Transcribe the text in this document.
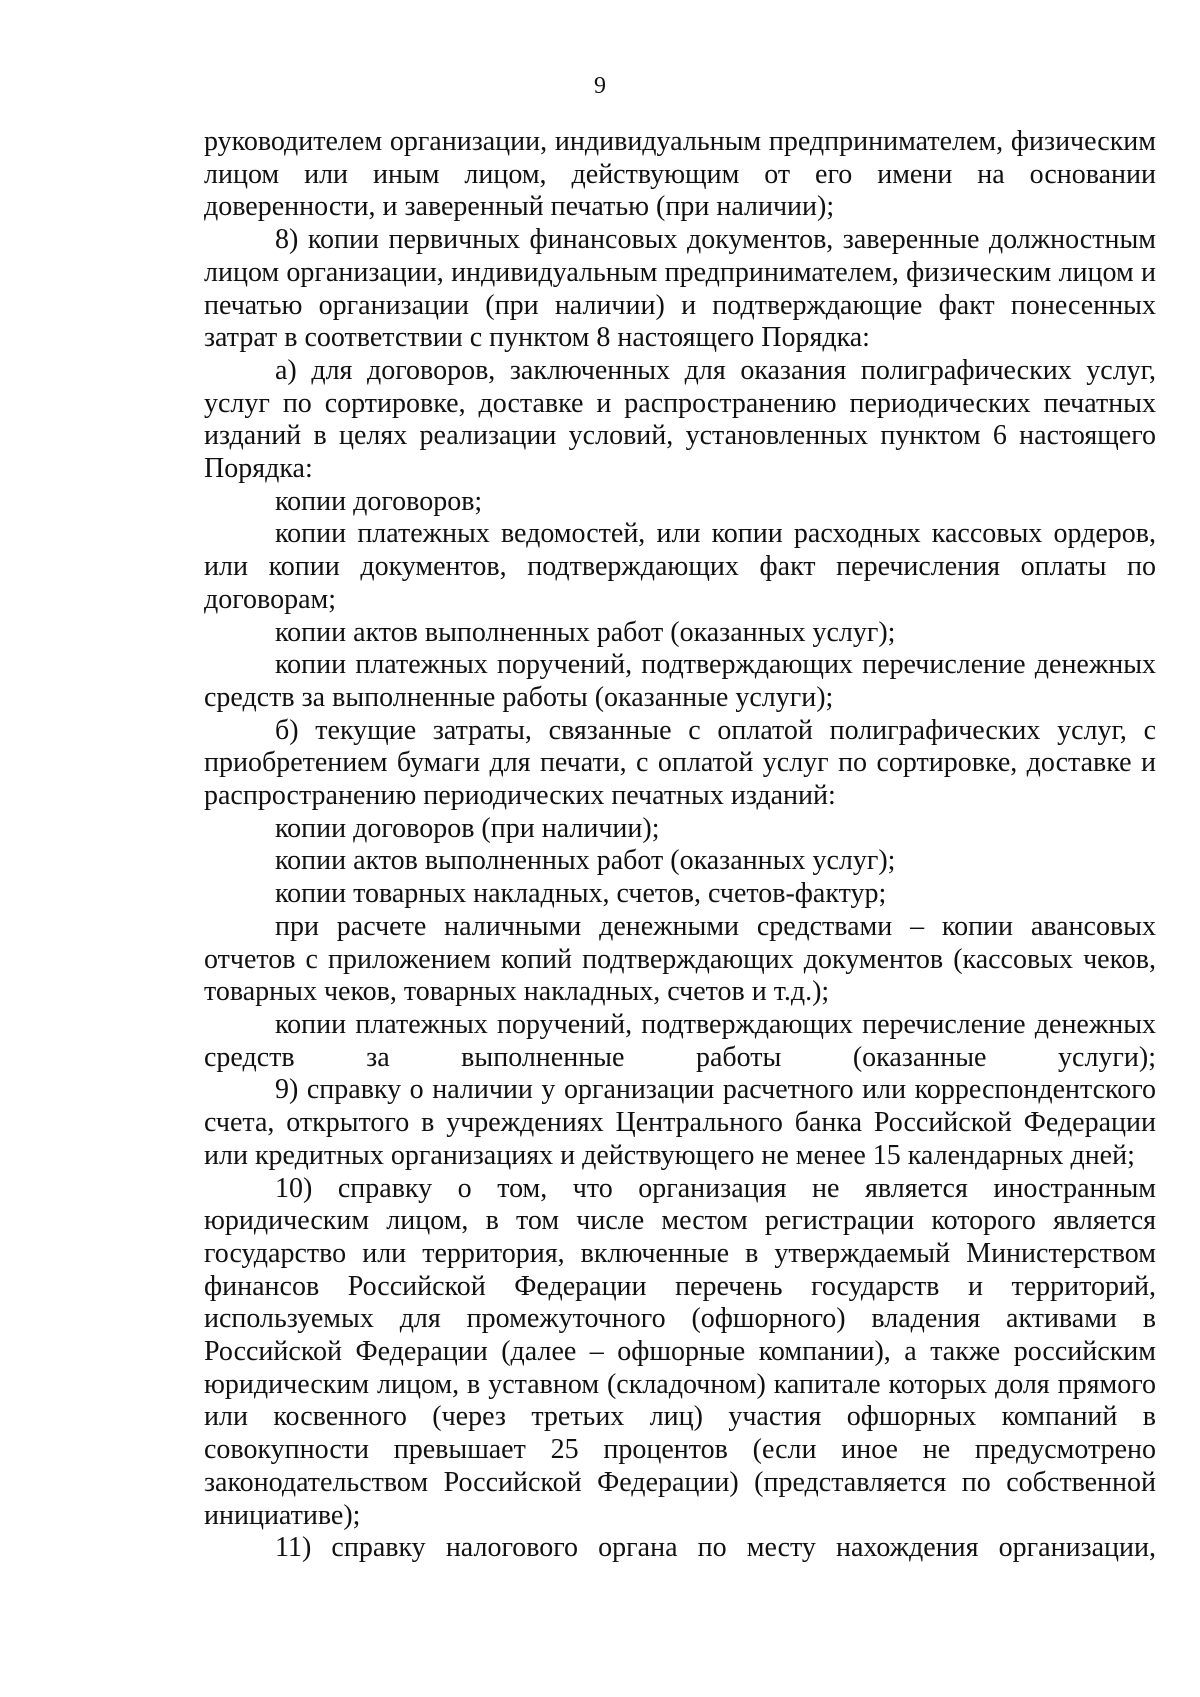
9

руководителем организации, индивидуальным предпринимателем, физическим лицом или иным лицом, действующим от его имени на основании доверенности, и заверенный печатью (при наличии);

8) копии первичных финансовых документов, заверенные должностным лицом организации, индивидуальным предпринимателем, физическим лицом и печатью организации (при наличии) и подтверждающие факт понесенных затрат в соответствии с пунктом 8 настоящего Порядка:

а) для договоров, заключенных для оказания полиграфических услуг, услуг по сортировке, доставке и распространению периодических печатных изданий в целях реализации условий, установленных пунктом 6 настоящего Порядка:

копии договоров;

копии платежных ведомостей, или копии расходных кассовых ордеров, или копии документов, подтверждающих факт перечисления оплаты по договорам;

копии актов выполненных работ (оказанных услуг);

копии платежных поручений, подтверждающих перечисление денежных средств за выполненные работы (оказанные услуги);

б) текущие затраты, связанные с оплатой полиграфических услуг, с приобретением бумаги для печати, с оплатой услуг по сортировке, доставке и распространению периодических печатных изданий:

копии договоров (при наличии);

копии актов выполненных работ (оказанных услуг);

копии товарных накладных, счетов, счетов-фактур;

при расчете наличными денежными средствами – копии авансовых отчетов с приложением копий подтверждающих документов (кассовых чеков, товарных чеков, товарных накладных, счетов и т.д.);

копии платежных поручений, подтверждающих перечисление денежных средств за выполненные работы (оказанные услуги);

9) справку о наличии у организации расчетного или корреспондентского счета, открытого в учреждениях Центрального банка Российской Федерации или кредитных организациях и действующего не менее 15 календарных дней;

10) справку о том, что организация не является иностранным юридическим лицом, в том числе местом регистрации которого является государство или территория, включенные в утверждаемый Министерством финансов Российской Федерации перечень государств и территорий, используемых для промежуточного (офшорного) владения активами в Российской Федерации (далее – офшорные компании), а также российским юридическим лицом, в уставном (складочном) капитале которых доля прямого или косвенного (через третьих лиц) участия офшорных компаний в совокупности превышает 25 процентов (если иное не предусмотрено законодательством Российской Федерации) (представляется по собственной инициативе);

11) справку налогового органа по месту нахождения организации,
